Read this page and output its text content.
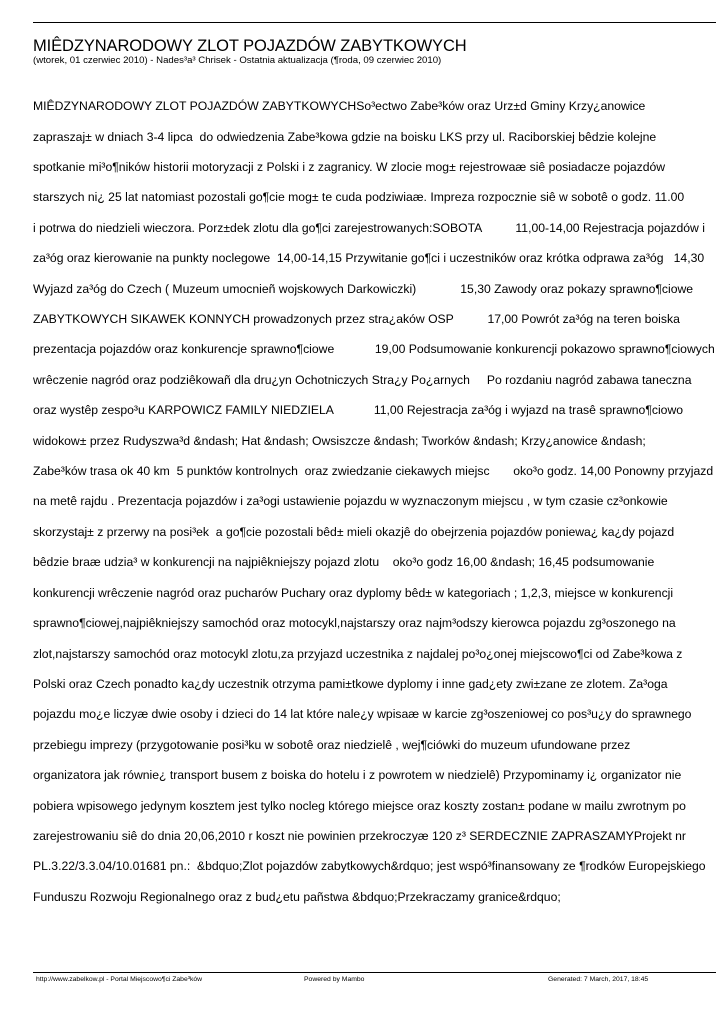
MIÊDZYNARODOWY ZLOT POJAZDÓW ZABYTKOWYCH
(wtorek, 01 czerwiec 2010) - Nades³a³ Chrisek - Ostatnia aktualizacja (¶roda, 09 czerwiec 2010)

MIÊDZYNARODOWY ZLOT POJAZDÓW ZABYTKOWYCHSo³ectwo Zabe³ków oraz Urz±d Gminy Krzy¿anowice

zapraszaj± w dniach 3-4 lipca  do odwiedzenia Zabe³kowa gdzie na boisku LKS przy ul. Raciborskiej bêdzie kolejne

spotkanie mi³o¶ników historii motoryzacji z Polski i z zagranicy. W zlocie mog± rejestrowaæ siê posiadacze pojazdów

starszych ni¿ 25 lat natomiast pozostali go¶cie mog± te cuda podziwiaæ. Impreza rozpocznie siê w sobotê o godz. 11.00

i potrwa do niedzieli wieczora. Porz±dek zlotu dla go¶ci zarejestrowanych:SOBOTA          11,00-14,00 Rejestracja pojazdów i

za³óg oraz kierowanie na punkty noclegowe  14,00-14,15 Przywitanie go¶ci i uczestników oraz krótka odprawa za³óg   14,30

Wyjazd za³óg do Czech ( Muzeum umocnieñ wojskowych Darkowiczki)             15,30 Zawody oraz pokazy sprawno¶ciowe

ZABYTKOWYCH SIKAWEK KONNYCH prowadzonych przez stra¿aków OSP          17,00 Powrót za³óg na teren boiska

prezentacja pojazdów oraz konkurencje sprawno¶ciowe            19,00 Podsumowanie konkurencji pokazowo sprawno¶ciowych

wrêczenie nagród oraz podziêkowañ dla dru¿yn Ochotniczych Stra¿y Po¿arnych     Po rozdaniu nagród zabawa taneczna

oraz wystêp zespo³u KARPOWICZ FAMILY NIEDZIELA            11,00 Rejestracja za³óg i wyjazd na trasê sprawno¶ciowo

widokow± przez Rudyszwa³d &ndash; Hat &ndash; Owsiszcze &ndash; Tworków &ndash; Krzy¿anowice &ndash;

Zabe³ków trasa ok 40 km  5 punktów kontrolnych  oraz zwiedzanie ciekawych miejsc       oko³o godz. 14,00 Ponowny przyjazd

na metê rajdu . Prezentacja pojazdów i za³ogi ustawienie pojazdu w wyznaczonym miejscu , w tym czasie cz³onkowie

skorzystaj± z przerwy na posi³ek  a go¶cie pozostali bêd± mieli okazjê do obejrzenia pojazdów poniewa¿ ka¿dy pojazd

bêdzie braæ udzia³ w konkurencji na najpiêkniejszy pojazd zlotu    oko³o godz 16,00 &ndash; 16,45 podsumowanie

konkurencji wrêczenie nagród oraz pucharów Puchary oraz dyplomy bêd± w kategoriach ; 1,2,3, miejsce w konkurencji

sprawno¶ciowej,najpiêkniejszy samochód oraz motocykl,najstarszy oraz najm³odszy kierowca pojazdu zg³oszonego na

zlot,najstarszy samochód oraz motocykl zlotu,za przyjazd uczestnika z najdalej po³o¿onej miejscowo¶ci od Zabe³kowa z

Polski oraz Czech ponadto ka¿dy uczestnik otrzyma pami±tkowe dyplomy i inne gad¿ety zwi±zane ze zlotem. Za³oga

pojazdu mo¿e liczyæ dwie osoby i dzieci do 14 lat które nale¿y wpisaæ w karcie zg³oszeniowej co pos³u¿y do sprawnego

przebiegu imprezy (przygotowanie posi³ku w sobotê oraz niedzielê , wej¶ciówki do muzeum ufundowane przez

organizatora jak równie¿ transport busem z boiska do hotelu i z powrotem w niedzielê) Przypominamy i¿ organizator nie

pobiera wpisowego jedynym kosztem jest tylko nocleg którego miejsce oraz koszty zostan± podane w mailu zwrotnym po

zarejestrowaniu siê do dnia 20,06,2010 r koszt nie powinien przekroczyæ 120 z³ SERDECZNIE ZAPRASZAMYProjekt nr

PL.3.22/3.3.04/10.01681 pn.:  &bdquo;Zlot pojazdów zabytkowych&rdquo; jest wspó³finansowany ze ¶rodków Europejskiego

Funduszu Rozwoju Regionalnego oraz z bud¿etu pañstwa &bdquo;Przekraczamy granice&rdquo;

http://www.zabelkow.pl - Portal Miejscowo¶ci Zabe³ków	Powered by Mambo	Generated: 7 March, 2017, 18:45
